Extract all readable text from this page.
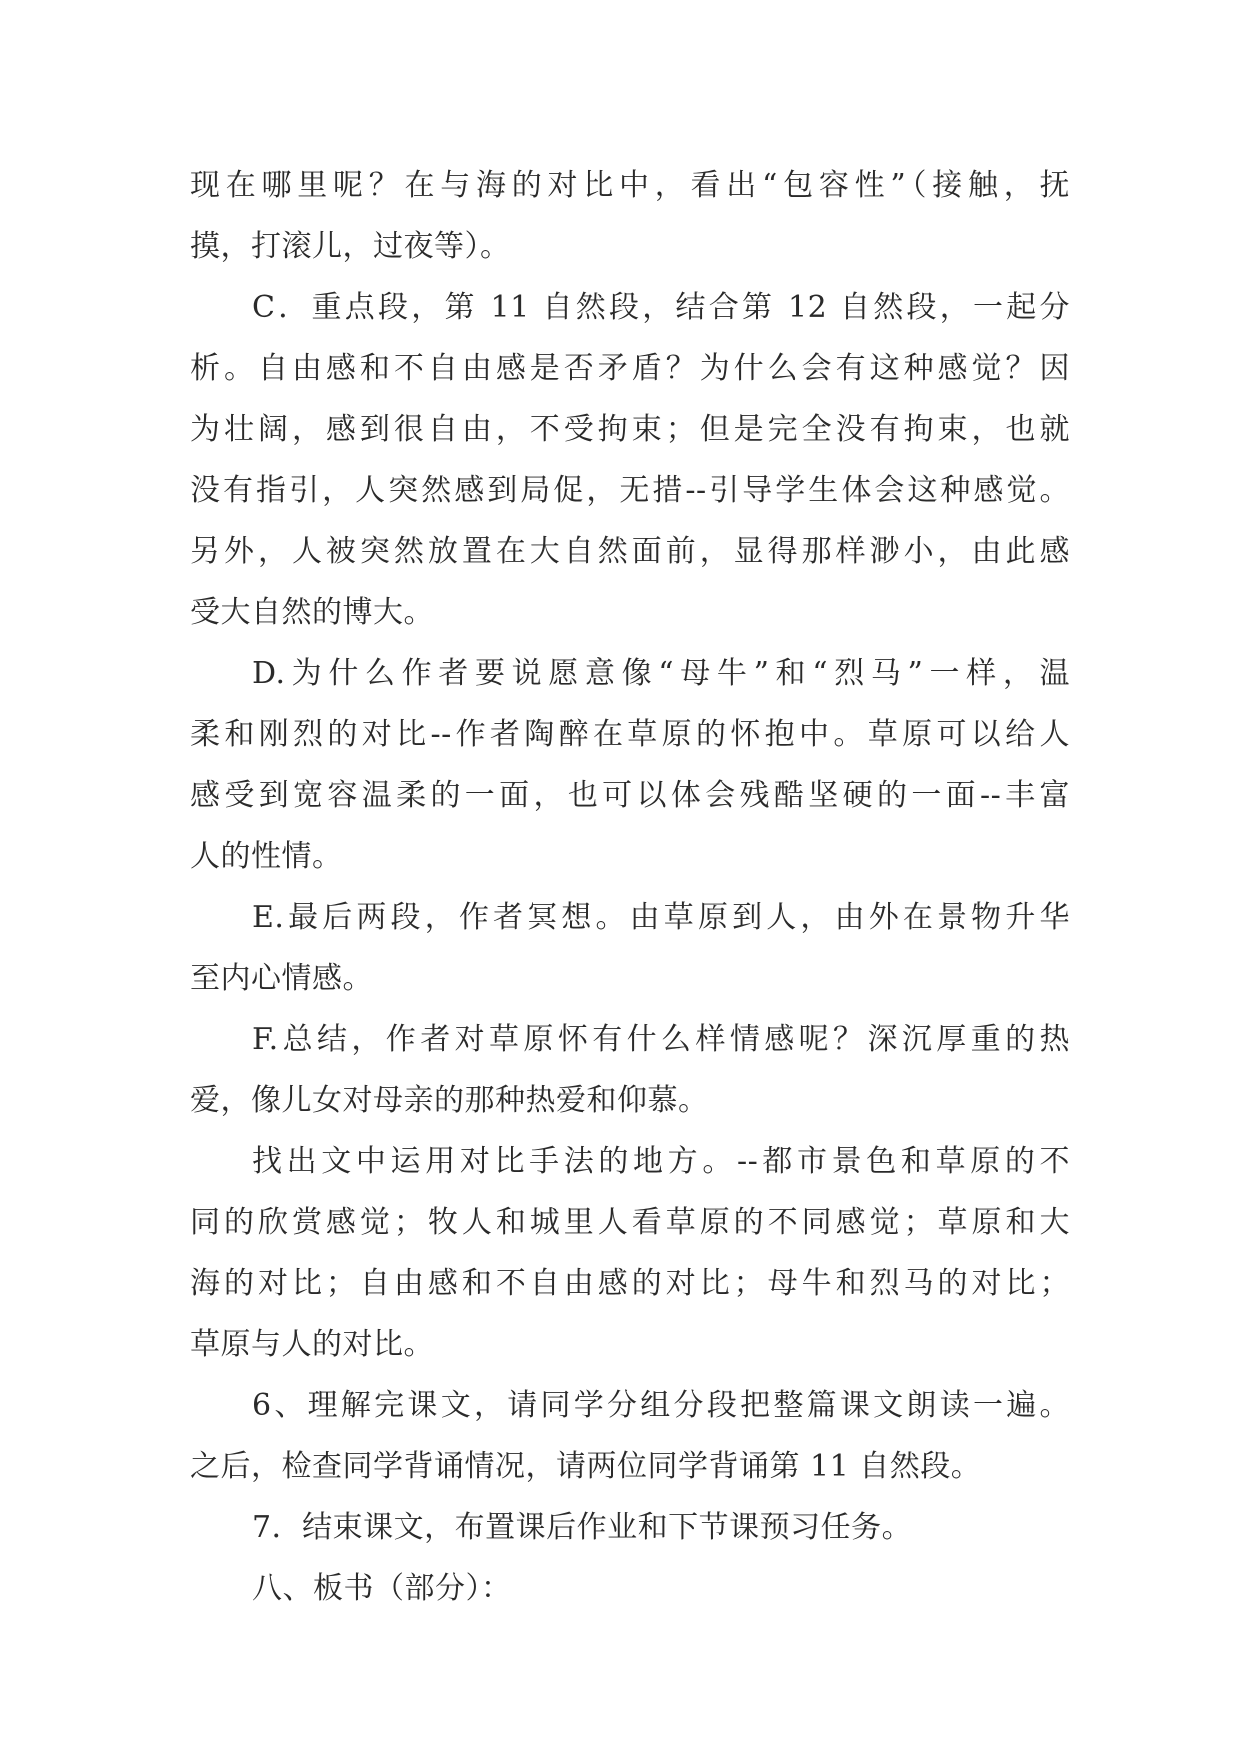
现在哪里呢？在与海的对比中，看出“包容性”（接触，抚
摸，打滚儿，过夜等）。
C．重点段，第 11 自然段，结合第 12 自然段，一起分
析。自由感和不自由感是否矛盾？为什么会有这种感觉？因
为壮阔，感到很自由，不受拘束；但是完全没有拘束，也就
没有指引，人突然感到局促，无措--引导学生体会这种感觉。
另外，人被突然放置在大自然面前，显得那样渺小，由此感
受大自然的博大。
D.为什么作者要说愿意像“母牛”和“烈马”一样，温
柔和刚烈的对比--作者陶醉在草原的怀抱中。草原可以给人
感受到宽容温柔的一面，也可以体会残酷坚硬的一面--丰富
人的性情。
E.最后两段，作者冥想。由草原到人，由外在景物升华
至内心情感。
F.总结，作者对草原怀有什么样情感呢？深沉厚重的热
爱，像儿女对母亲的那种热爱和仰慕。
找出文中运用对比手法的地方。--都市景色和草原的不
同的欣赏感觉；牧人和城里人看草原的不同感觉；草原和大
海的对比；自由感和不自由感的对比；母牛和烈马的对比；
草原与人的对比。
6、理解完课文，请同学分组分段把整篇课文朗读一遍。
之后，检查同学背诵情况，请两位同学背诵第 11 自然段。
7．结束课文，布置课后作业和下节课预习任务。
八、板书（部分）：
